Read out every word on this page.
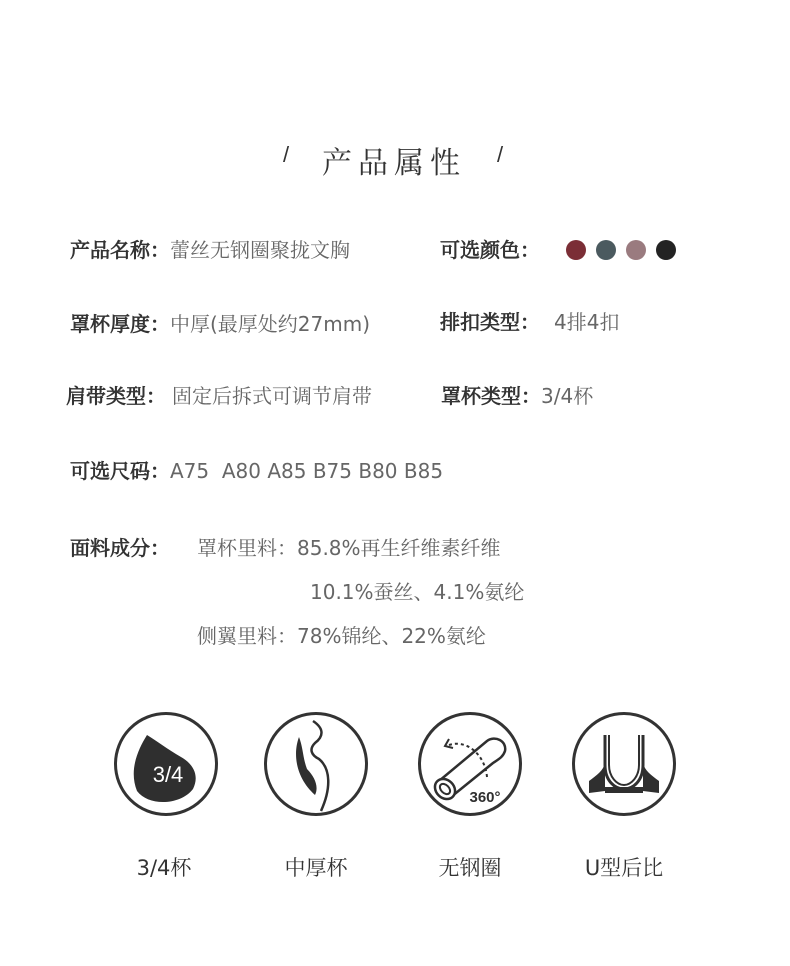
/ 产品属性 /
产品名称：蕾丝无钢圈聚拢文胸	可选颜色：
罩杯厚度：中厚(最厚处约27mm)	排扣类型： 4排4扣
肩带类型： 固定后拆式可调节肩带	罩杯类型：3/4杯
可选尺码：A75  A80 A85 B75 B80 B85
面料成分： 罩杯里料：85.8%再生纤维素纤维
10.1%蚕丝、4.1%氨纶
侧翼里料：78%锦纶、22%氨纶
3/4
3/4杯	中厚杯
360°
无钢圈	U型后比
